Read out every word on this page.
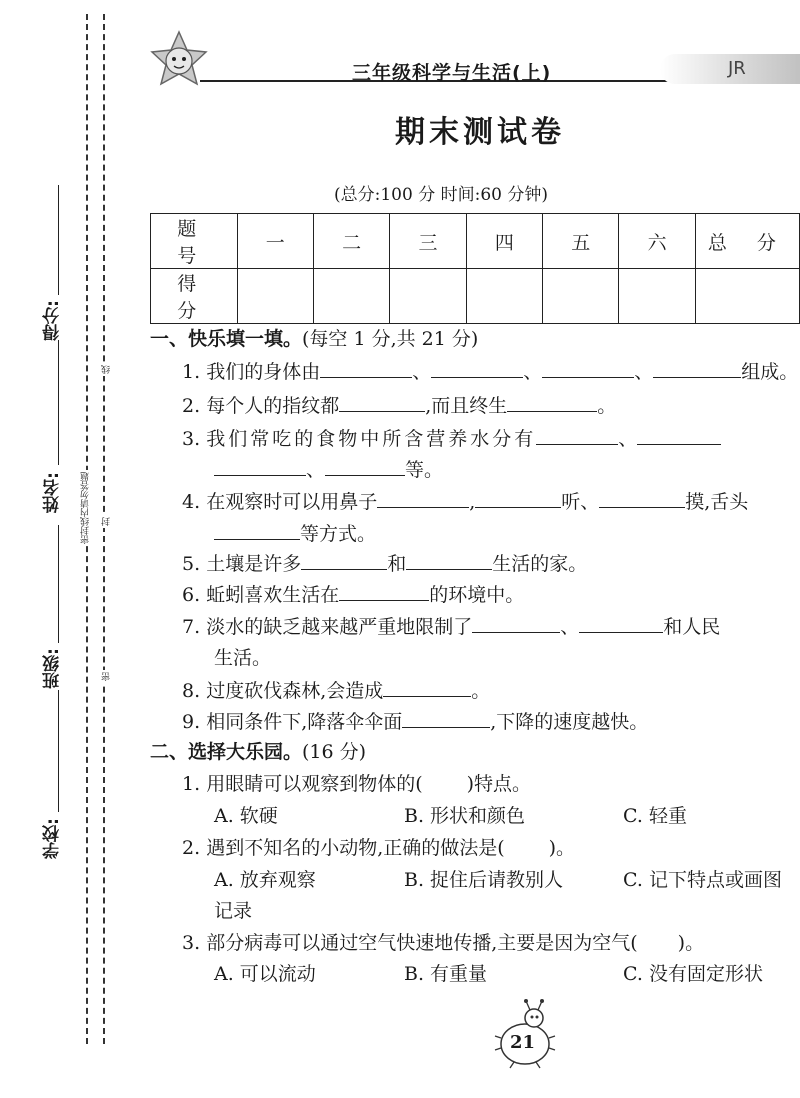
得分:
姓名:
班级:
学校:
密封线内请勿答题
线
封
密
三年级科学与生活(上)	JR
期末测试卷
(总分:100 分 时间:60 分钟)
题 号	一	二	三	四	五	六	总 分
得 分							
一、快乐填一填。(每空 1 分,共 21 分)
1. 我们的身体由	、	、	、	组成。
2. 每个人的指纹都	,而且终生	。
3. 我们常吃的食物中所含营养水分有	、
、	等。
4. 在观察时可以用鼻子	,	听、	摸,舌头
等方式。
5. 土壤是许多	和	生活的家。
6. 蚯蚓喜欢生活在	的环境中。
7. 淡水的缺乏越来越严重地限制了	、	和人民
生活。
8. 过度砍伐森林,会造成	。
9. 相同条件下,降落伞伞面	,下降的速度越快。
二、选择大乐园。(16 分)
1. 用眼睛可以观察到物体的( )特点。
A. 软硬	B. 形状和颜色	C. 轻重
2. 遇到不知名的小动物,正确的做法是( )。
A. 放弃观察	B. 捉住后请教别人	C. 记下特点或画图
记录
3. 部分病毒可以通过空气快速地传播,主要是因为空气( )。
A. 可以流动	B. 有重量	C. 没有固定形状
21
